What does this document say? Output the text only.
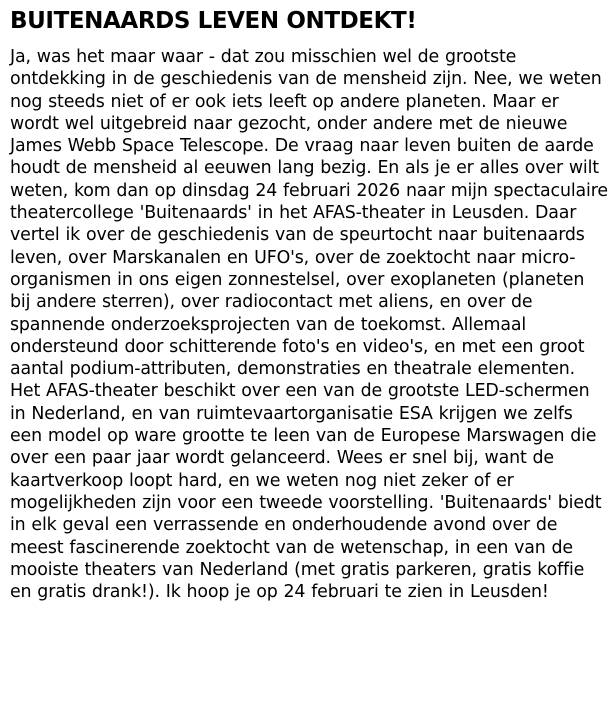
BUITENAARDS LEVEN ONTDEKT!

Ja, was het maar waar - dat zou misschien wel de grootste ontdekking in de geschiedenis van de mensheid zijn. Nee, we weten nog steeds niet of er ook iets leeft op andere planeten. Maar er wordt wel uitgebreid naar gezocht, onder andere met de nieuwe James Webb Space Telescope. De vraag naar leven buiten de aarde houdt de mensheid al eeuwen lang bezig. En als je er alles over wilt weten, kom dan op dinsdag 24 februari 2026 naar mijn spectaculaire theatercollege 'Buitenaards' in het AFAS-theater in Leusden. Daar vertel ik over de geschiedenis van de speurtocht naar buitenaards leven, over Marskanalen en UFO's, over de zoektocht naar micro-organismen in ons eigen zonnestelsel, over exoplaneten (planeten bij andere sterren), over radiocontact met aliens, en over de spannende onderzoeksprojecten van de toekomst. Allemaal ondersteund door schitterende foto's en video's, en met een groot aantal podium-attributen, demonstraties en theatrale elementen. Het AFAS-theater beschikt over een van de grootste LED-schermen in Nederland, en van ruimtevaartorganisatie ESA krijgen we zelfs een model op ware grootte te leen van de Europese Marswagen die over een paar jaar wordt gelanceerd. Wees er snel bij, want de kaartverkoop loopt hard, en we weten nog niet zeker of er mogelijkheden zijn voor een tweede voorstelling. 'Buitenaards' biedt in elk geval een verrassende en onderhoudende avond over de meest fascinerende zoektocht van de wetenschap, in een van de mooiste theaters van Nederland (met gratis parkeren, gratis koffie en gratis drank!). Ik hoop je op 24 februari te zien in Leusden!
